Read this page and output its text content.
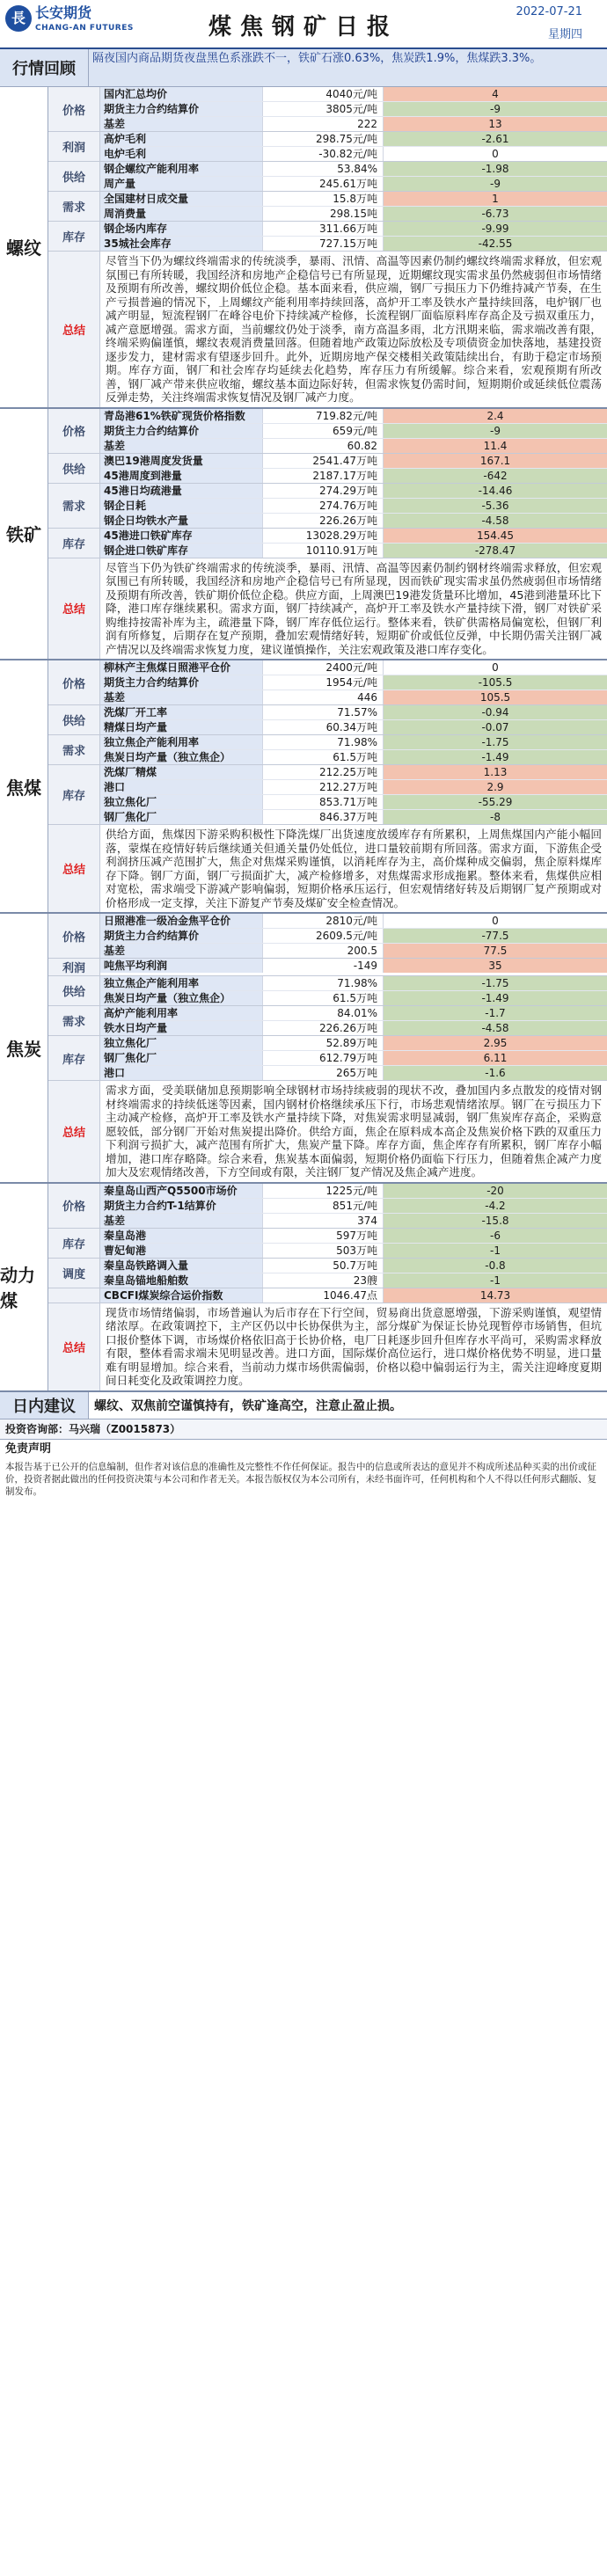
長 长安期货
CHANG-AN FUTURES	煤焦钢矿日报
2022-07-21
星期四
行情回顾
隔夜国内商品期货夜盘黑色系涨跌不一，铁矿石涨0.63%，焦炭跌1.9%，焦煤跌3.3%。
螺纹
价格
国内汇总均价	4040元/吨	4
期货主力合约结算价	3805元/吨	-9
基差	222	13
利润
高炉毛利	298.75元/吨	-2.61
电炉毛利	-30.82元/吨	0
供给
钢企螺纹产能利用率	53.84%	-1.98
周产量	245.61万吨	-9
需求
全国建材日成交量	15.8万吨	1
周消费量	298.15吨	-6.73
库存
钢企场内库存	311.66万吨	-9.99
35城社会库存	727.15万吨	-42.55
总结
尽管当下仍为螺纹终端需求的传统淡季，暴雨、汛情、高温等因素仍制约螺纹终端需求释放，但宏观氛围已有所转暖，我国经济和房地产企稳信号已有所显现，近期螺纹现实需求虽仍然疲弱但市场情绪及预期有所改善，螺纹期价低位企稳。基本面来看，供应端，钢厂亏损压力下仍维持减产节奏，在生产亏损普遍的情况下，上周螺纹产能利用率持续回落，高炉开工率及铁水产量持续回落，电炉钢厂也减产明显，短流程钢厂在峰谷电价下持续减产检修，长流程钢厂面临原料库存高企及亏损双重压力，减产意愿增强。需求方面，当前螺纹仍处于淡季，南方高温多雨，北方汛期来临，需求端改善有限，终端采购偏谨慎，螺纹表观消费量回落。但随着地产政策边际放松及专项债资金加快落地，基建投资逐步发力，建材需求有望逐步回升。此外，近期房地产保交楼相关政策陆续出台，有助于稳定市场预期。库存方面，钢厂和社会库存均延续去化趋势，库存压力有所缓解。综合来看，宏观预期有所改善，钢厂减产带来供应收缩，螺纹基本面边际好转，但需求恢复仍需时间，短期期价或延续低位震荡反弹走势，关注终端需求恢复情况及钢厂减产力度。
铁矿
价格
青岛港61%铁矿现货价格指数	719.82元/吨	2.4
期货主力合约结算价	659元/吨	-9
基差	60.82	11.4
供给
澳巴19港周度发货量	2541.47万吨	167.1
45港周度到港量	2187.17万吨	-642
需求
45港日均疏港量	274.29万吨	-14.46
钢企日耗	274.76万吨	-5.36
钢企日均铁水产量	226.26万吨	-4.58
库存
45港进口铁矿库存	13028.29万吨	154.45
钢企进口铁矿库存	10110.91万吨	-278.47
总结
尽管当下仍为铁矿终端需求的传统淡季，暴雨、汛情、高温等因素仍制约钢材终端需求释放，但宏观氛围已有所转暖，我国经济和房地产企稳信号已有所显现，因而铁矿现实需求虽仍然疲弱但市场情绪及预期有所改善，铁矿期价低位企稳。供应方面，上周澳巴19港发货量环比增加，45港到港量环比下降，港口库存继续累积。需求方面，钢厂持续减产，高炉开工率及铁水产量持续下滑，钢厂对铁矿采购维持按需补库为主，疏港量下降，钢厂库存低位运行。整体来看，铁矿供需格局偏宽松，但钢厂利润有所修复，后期存在复产预期，叠加宏观情绪好转，短期矿价或低位反弹，中长期仍需关注钢厂减产情况以及终端需求恢复力度，建议谨慎操作，关注宏观政策及港口库存变化。
焦煤
价格
柳林产主焦煤日照港平仓价	2400元/吨	0
期货主力合约结算价	1954元/吨	-105.5
基差	446	105.5
供给
洗煤厂开工率	71.57%	-0.94
精煤日均产量	60.34万吨	-0.07
需求
独立焦企产能利用率	71.98%	-1.75
焦炭日均产量（独立焦企）	61.5万吨	-1.49
库存
洗煤厂精煤	212.25万吨	1.13
港口	212.27万吨	2.9
独立焦化厂	853.71万吨	-55.29
钢厂焦化厂	846.37万吨	-8
总结
供给方面，焦煤因下游采购积极性下降洗煤厂出货速度放缓库存有所累积，上周焦煤国内产能小幅回落，蒙煤在疫情好转后继续通关但通关量仍处低位，进口量较前期有所回落。需求方面，下游焦企受利润挤压减产范围扩大，焦企对焦煤采购谨慎，以消耗库存为主，高价煤种成交偏弱，焦企原料煤库存下降。钢厂方面，钢厂亏损面扩大，减产检修增多，对焦煤需求形成拖累。整体来看，焦煤供应相对宽松，需求端受下游减产影响偏弱，短期价格承压运行，但宏观情绪好转及后期钢厂复产预期或对价格形成一定支撑，关注下游复产节奏及煤矿安全检查情况。
焦炭
价格
日照港准一级冶金焦平仓价	2810元/吨	0
期货主力合约结算价	2609.5元/吨	-77.5
基差	200.5	77.5
利润	吨焦平均利润	-149	35
供给
独立焦企产能利用率	71.98%	-1.75
焦炭日均产量（独立焦企）	61.5万吨	-1.49
需求
高炉产能利用率	84.01%	-1.7
铁水日均产量	226.26万吨	-4.58
库存
独立焦化厂	52.89万吨	2.95
钢厂焦化厂	612.79万吨	6.11
港口	265万吨	-1.6
总结
需求方面，受美联储加息预期影响全球钢材市场持续疲弱的现状不改，叠加国内多点散发的疫情对钢材终端需求的持续低迷等因素，国内钢材价格继续承压下行，市场悲观情绪浓厚。钢厂在亏损压力下主动减产检修，高炉开工率及铁水产量持续下降，对焦炭需求明显减弱，钢厂焦炭库存高企，采购意愿较低，部分钢厂开始对焦炭提出降价。供给方面，焦企在原料成本高企及焦炭价格下跌的双重压力下利润亏损扩大，减产范围有所扩大，焦炭产量下降。库存方面，焦企库存有所累积，钢厂库存小幅增加，港口库存略降。综合来看，焦炭基本面偏弱，短期价格仍面临下行压力，但随着焦企减产力度加大及宏观情绪改善，下方空间或有限，关注钢厂复产情况及焦企减产进度。
动力煤
价格
秦皇岛山西产Q5500市场价	1225元/吨	-20
期货主力合约T-1结算价	851元/吨	-4.2
基差	374	-15.8
库存
秦皇岛港	597万吨	-6
曹妃甸港	503万吨	-1
调度
秦皇岛铁路调入量	50.7万吨	-0.8
秦皇岛锚地船舶数	23艘	-1
CBCFI煤炭综合运价指数	1046.47点	14.73
总结
现货市场情绪偏弱，市场普遍认为后市存在下行空间，贸易商出货意愿增强，下游采购谨慎，观望情绪浓厚。在政策调控下，主产区仍以中长协保供为主，部分煤矿为保证长协兑现暂停市场销售，但坑口报价整体下调，市场煤价格依旧高于长协价格，电厂日耗逐步回升但库存水平尚可，采购需求释放有限，整体看需求端未见明显改善。进口方面，国际煤价高位运行，进口煤价格优势不明显，进口量难有明显增加。综合来看，当前动力煤市场供需偏弱，价格以稳中偏弱运行为主，需关注迎峰度夏期间日耗变化及政策调控力度。
日内建议	螺纹、双焦前空谨慎持有，铁矿逢高空，注意止盈止损。
投资咨询部：马兴瑞（Z0015873）
免责声明
本报告基于已公开的信息编制，但作者对该信息的准确性及完整性不作任何保证。报告中的信息或所表达的意见并不构成所述品种买卖的出价或征价，投资者据此做出的任何投资决策与本公司和作者无关。本报告版权仅为本公司所有，未经书面许可，任何机构和个人不得以任何形式翻版、复制发布。
